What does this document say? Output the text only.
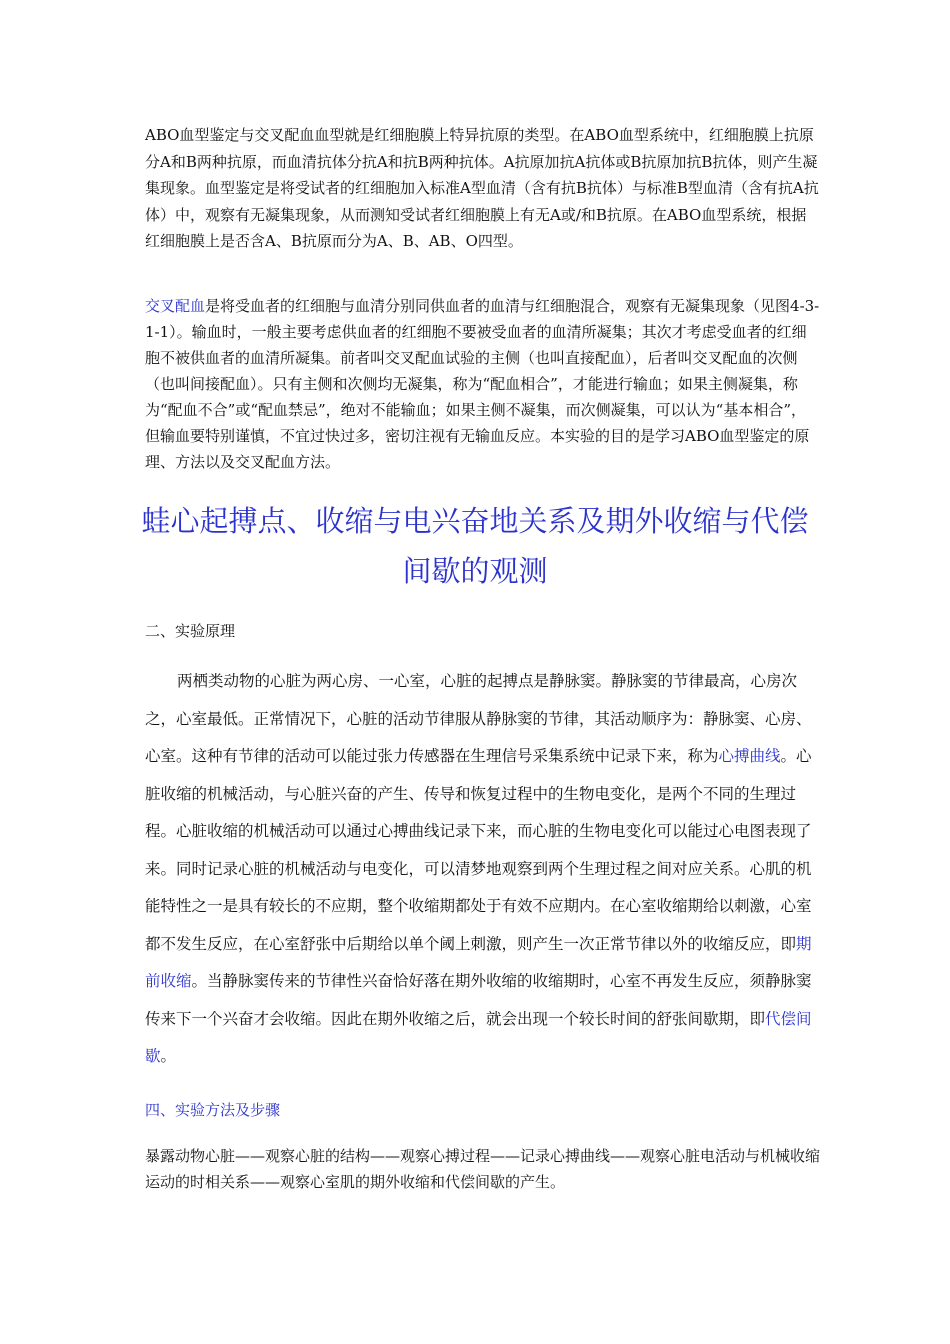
ABO血型鉴定与交叉配血血型就是红细胞膜上特异抗原的类型。在ABO血型系统中，红细胞膜上抗原分A和B两种抗原，而血清抗体分抗A和抗B两种抗体。A抗原加抗A抗体或B抗原加抗B抗体，则产生凝集现象。血型鉴定是将受试者的红细胞加入标准A型血清（含有抗B抗体）与标准B型血清（含有抗A抗体）中，观察有无凝集现象，从而测知受试者红细胞膜上有无A或/和B抗原。在ABO血型系统，根据红细胞膜上是否含A、B抗原而分为A、B、AB、O四型。

交叉配血是将受血者的红细胞与血清分别同供血者的血清与红细胞混合，观察有无凝集现象（见图4-3-1-1）。输血时，一般主要考虑供血者的红细胞不要被受血者的血清所凝集；其次才考虑受血者的红细胞不被供血者的血清所凝集。前者叫交叉配血试验的主侧（也叫直接配血），后者叫交叉配血的次侧（也叫间接配血）。只有主侧和次侧均无凝集，称为“配血相合”，才能进行输血；如果主侧凝集，称为“配血不合”或“配血禁忌”，绝对不能输血；如果主侧不凝集，而次侧凝集，可以认为“基本相合”，但输血要特别谨慎，不宜过快过多，密切注视有无输血反应。本实验的目的是学习ABO血型鉴定的原理、方法以及交叉配血方法。

蛙心起搏点、收缩与电兴奋地关系及期外收缩与代偿间歇的观测

二、实验原理

两栖类动物的心脏为两心房、一心室，心脏的起搏点是静脉窦。静脉窦的节律最高，心房次之，心室最低。正常情况下，心脏的活动节律服从静脉窦的节律，其活动顺序为：静脉窦、心房、心室。这种有节律的活动可以能过张力传感器在生理信号采集系统中记录下来，称为心搏曲线。心脏收缩的机械活动，与心脏兴奋的产生、传导和恢复过程中的生物电变化，是两个不同的生理过程。心脏收缩的机械活动可以通过心搏曲线记录下来，而心脏的生物电变化可以能过心电图表现了来。同时记录心脏的机械活动与电变化，可以清梦地观察到两个生理过程之间对应关系。心肌的机能特性之一是具有较长的不应期，整个收缩期都处于有效不应期内。在心室收缩期给以刺激，心室都不发生反应，在心室舒张中后期给以单个阈上刺激，则产生一次正常节律以外的收缩反应，即期前收缩。当静脉窦传来的节律性兴奋恰好落在期外收缩的收缩期时，心室不再发生反应，须静脉窦传来下一个兴奋才会收缩。因此在期外收缩之后，就会出现一个较长时间的舒张间歇期，即代偿间歇。

四、实验方法及步骤

暴露动物心脏——观察心脏的结构——观察心搏过程——记录心搏曲线——观察心脏电活动与机械收缩运动的时相关系——观察心室肌的期外收缩和代偿间歇的产生。
